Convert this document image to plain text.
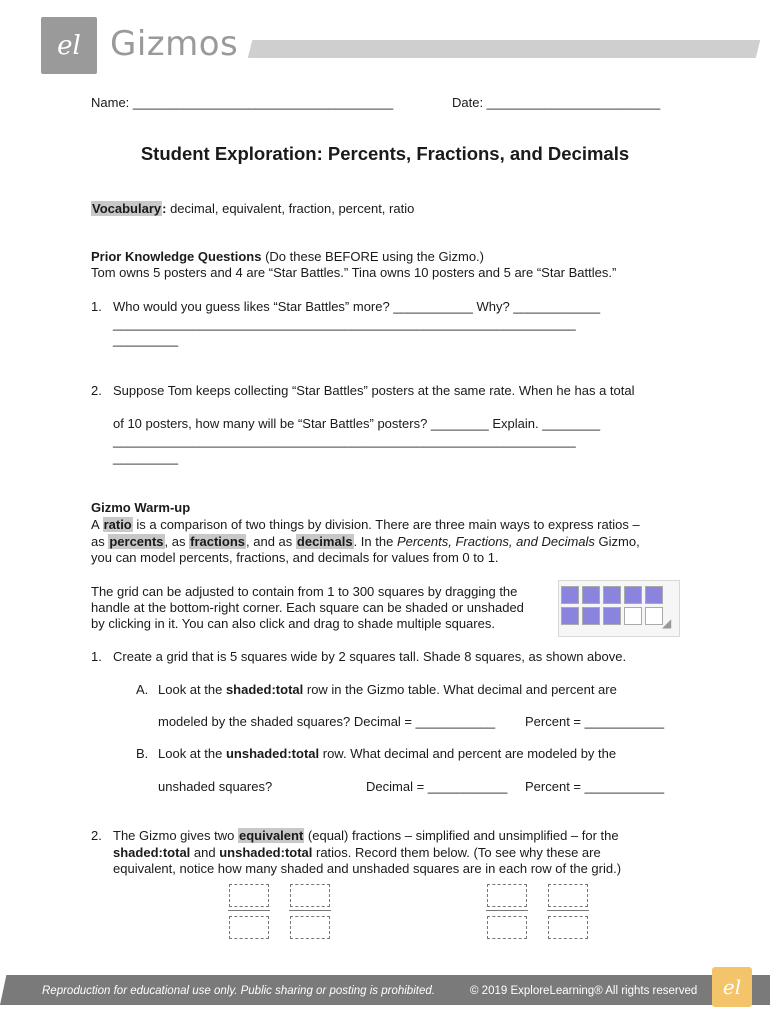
el Gizmos
Name: ____________________________________	Date: ________________________
Student Exploration: Percents, Fractions, and Decimals
Vocabulary: decimal, equivalent, fraction, percent, ratio
Prior Knowledge Questions (Do these BEFORE using the Gizmo.)
Tom owns 5 posters and 4 are “Star Battles.” Tina owns 10 posters and 5 are “Star Battles.”
1. Who would you guess likes “Star Battles” more? ___________ Why? ____________
________________________________________________________________
_________
2. Suppose Tom keeps collecting “Star Battles” posters at the same rate. When he has a total
of 10 posters, how many will be “Star Battles” posters? ________ Explain. ________
________________________________________________________________
_________
Gizmo Warm-up
A ratio is a comparison of two things by division. There are three main ways to express ratios –
as percents, as fractions, and as decimals. In the Percents, Fractions, and Decimals Gizmo,
you can model percents, fractions, and decimals for values from 0 to 1.
The grid can be adjusted to contain from 1 to 300 squares by dragging the
handle at the bottom-right corner. Each square can be shaded or unshaded
by clicking in it. You can also click and drag to shade multiple squares.	◢
1. Create a grid that is 5 squares wide by 2 squares tall. Shade 8 squares, as shown above.
A. Look at the shaded:total row in the Gizmo table. What decimal and percent are
modeled by the shaded squares? Decimal = ___________ Percent = ___________
B. Look at the unshaded:total row. What decimal and percent are modeled by the
unshaded squares?	Decimal = ___________ Percent = ___________
2. The Gizmo gives two equivalent (equal) fractions – simplified and unsimplified – for the
shaded:total and unshaded:total ratios. Record them below. (To see why these are
equivalent, notice how many shaded and unshaded squares are in each row of the grid.)
Reproduction for educational use only. Public sharing or posting is prohibited.	© 2019 ExploreLearning® All rights reserved el
